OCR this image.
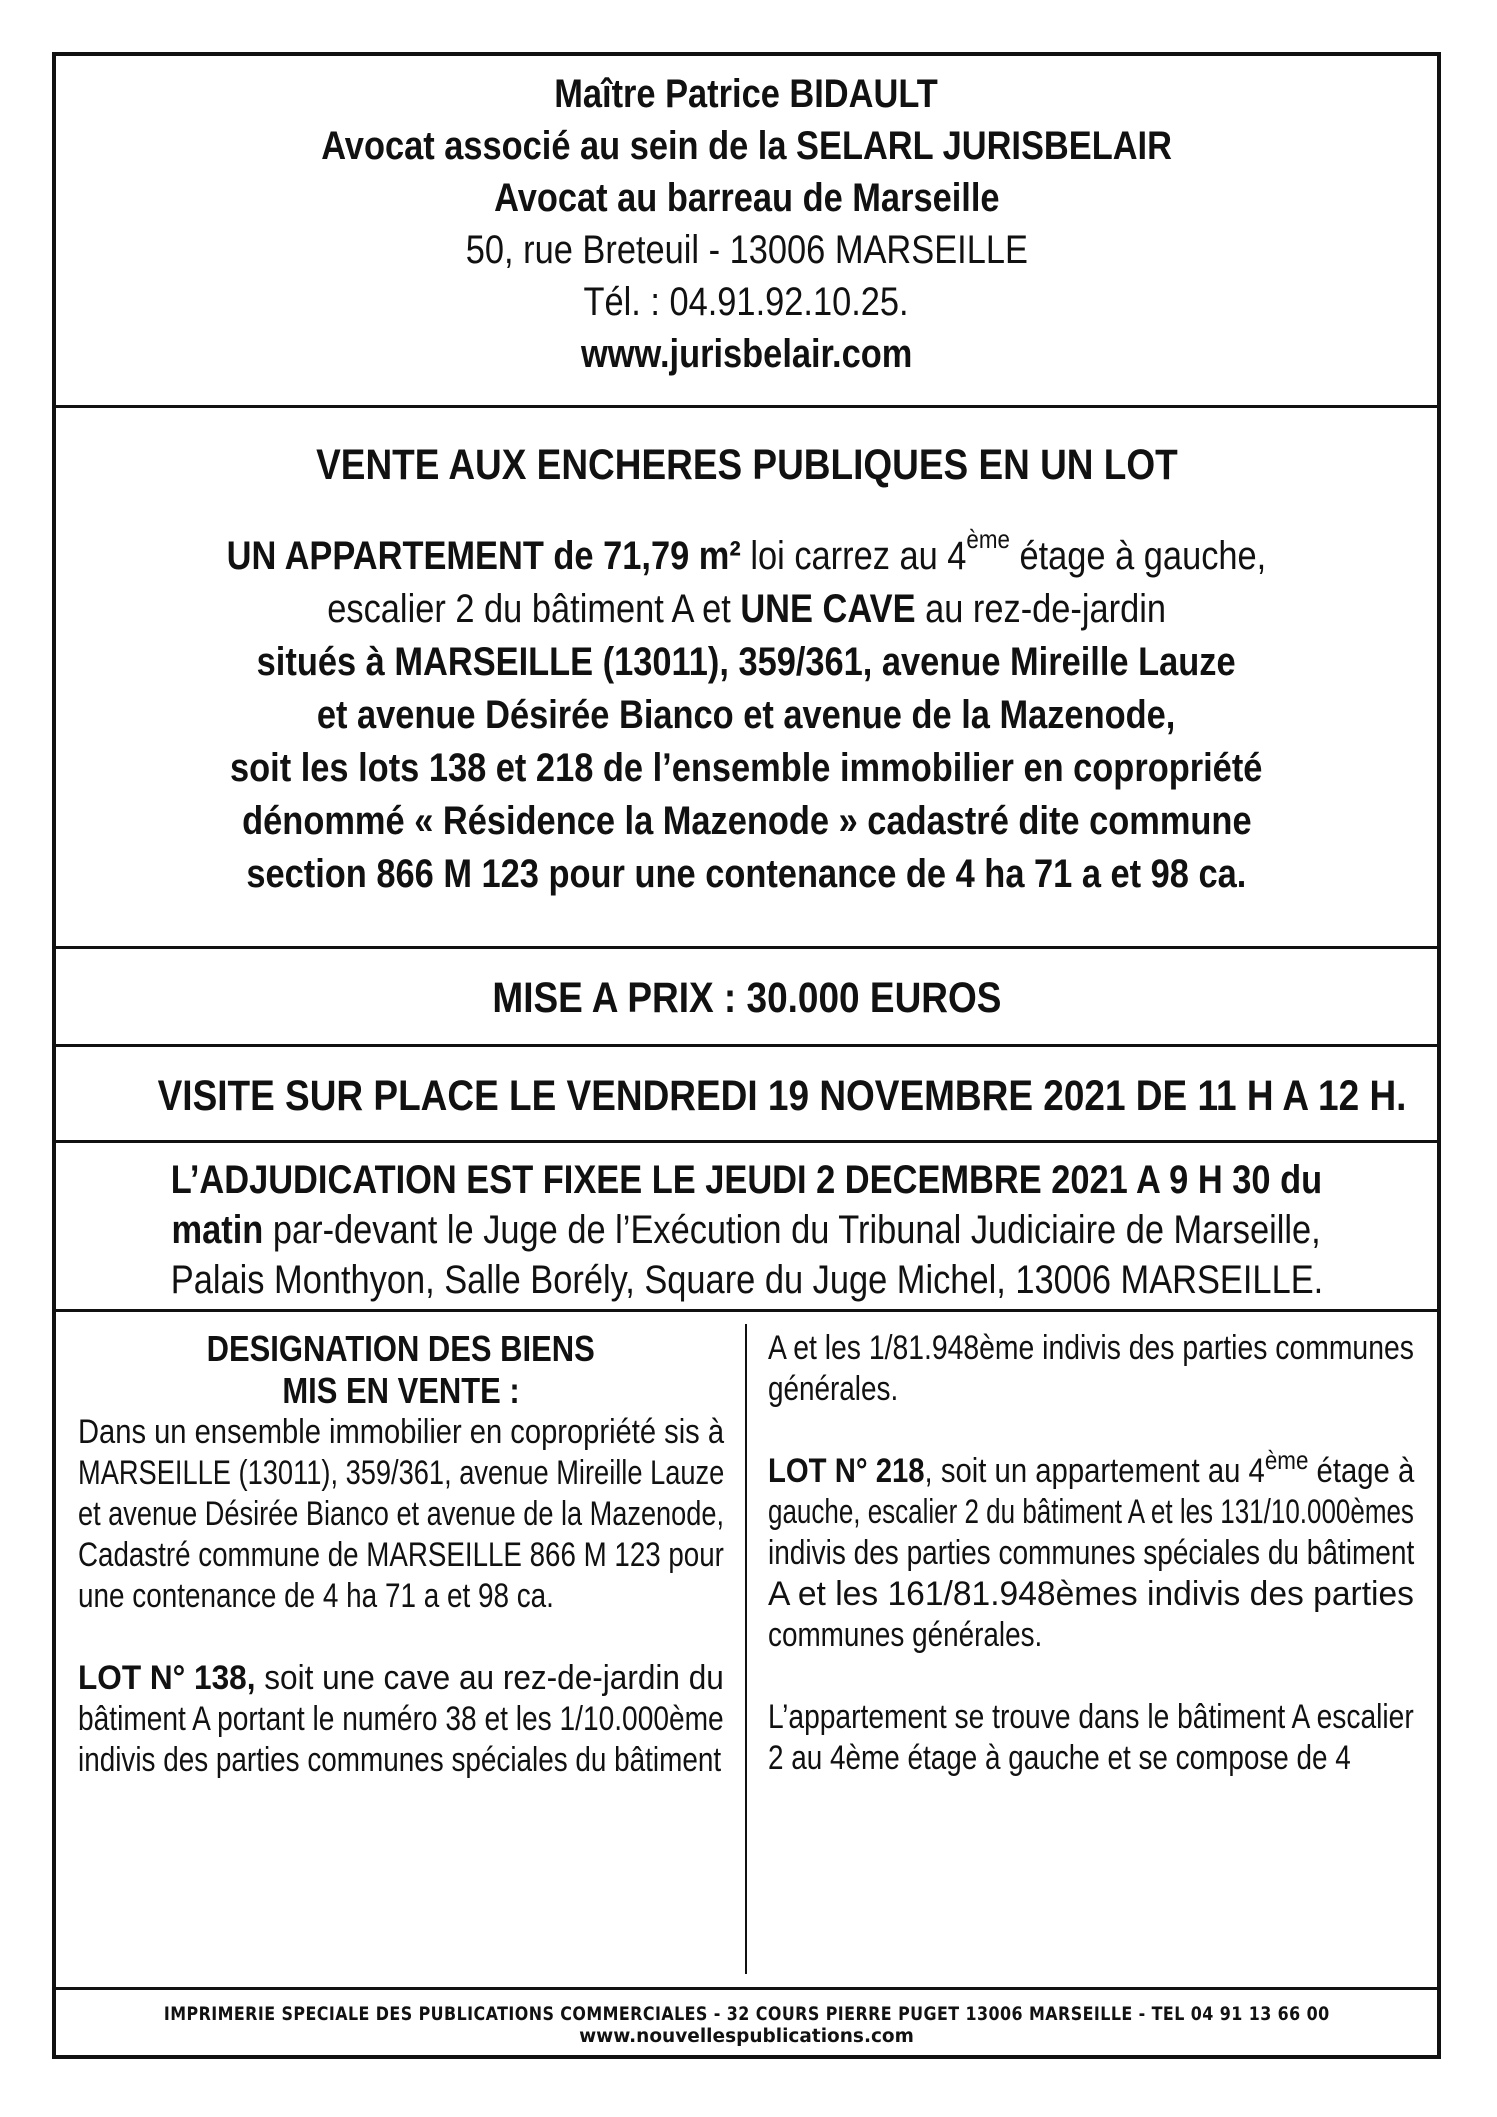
Maître Patrice BIDAULT
Avocat associé au sein de la SELARL JURISBELAIR
Avocat au barreau de Marseille
50, rue Breteuil - 13006 MARSEILLE
Tél. : 04.91.92.10.25.
www.jurisbelair.com
VENTE AUX ENCHERES PUBLIQUES EN UN LOT
UN APPARTEMENT de 71,79 m² loi carrez au 4ème étage à gauche,
escalier 2 du bâtiment A et UNE CAVE au rez-de-jardin
situés à MARSEILLE (13011), 359/361, avenue Mireille Lauze
et avenue Désirée Bianco et avenue de la Mazenode,
soit les lots 138 et 218 de l’ensemble immobilier en copropriété
dénommé « Résidence la Mazenode » cadastré dite commune
section 866 M 123 pour une contenance de 4 ha 71 a et 98 ca.
MISE A PRIX : 30.000 EUROS
VISITE SUR PLACE LE VENDREDI 19 NOVEMBRE 2021 DE 11 H A 12 H.
L’ADJUDICATION EST FIXEE LE JEUDI 2 DECEMBRE 2021 A 9 H 30 du
matin par-devant le Juge de l’Exécution du Tribunal Judiciaire de Marseille,
Palais Monthyon, Salle Borély, Square du Juge Michel, 13006 MARSEILLE.
DESIGNATION DES BIENS
MIS EN VENTE :
Dans un ensemble immobilier en copropriété sis à
MARSEILLE (13011), 359/361, avenue Mireille Lauze
et avenue Désirée Bianco et avenue de la Mazenode,
Cadastré commune de MARSEILLE 866 M 123 pour
une contenance de 4 ha 71 a et 98 ca.
LOT N° 138, soit une cave au rez-de-jardin du
bâtiment A portant le numéro 38 et les 1/10.000ème
indivis des parties communes spéciales du bâtiment
A et les 1/81.948ème indivis des parties communes
générales.
LOT N° 218, soit un appartement au 4ème étage à
gauche, escalier 2 du bâtiment A et les 131/10.000èmes
indivis des parties communes spéciales du bâtiment
A et les 161/81.948èmes indivis des parties
communes générales.
L’appartement se trouve dans le bâtiment A escalier
2 au 4ème étage à gauche et se compose de 4
IMPRIMERIE SPECIALE DES PUBLICATIONS COMMERCIALES - 32 COURS PIERRE PUGET 13006 MARSEILLE - TEL 04 91 13 66 00
www.nouvellespublications.com
